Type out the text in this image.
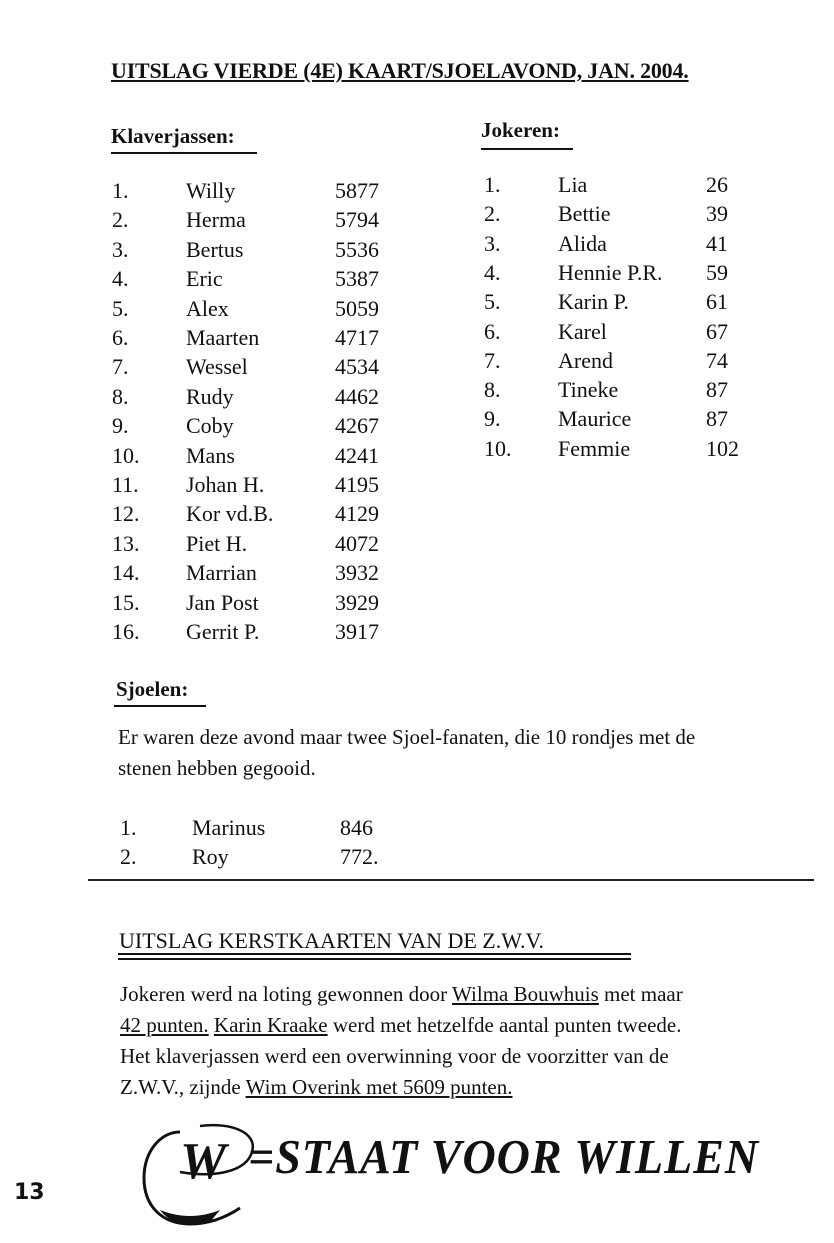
UITSLAG VIERDE (4E) KAART/SJOELAVOND, JAN. 2004.
Klaverjassen:
1.	Willy	5877
2.	Herma	5794
3.	Bertus	5536
4.	Eric	5387
5.	Alex	5059
6.	Maarten	4717
7.	Wessel	4534
8.	Rudy	4462
9.	Coby	4267
10. Mans	4241
11. Johan H.	4195
12. Kor vd.B.	4129
13. Piet H.	4072
14. Marrian	3932
15. Jan Post	3929
16. Gerrit P.	3917
Jokeren:
1.	Lia	26
2.	Bettie	39
3.	Alida	41
4.	Hennie P.R. 59
5.	Karin P.	61
6.	Karel	67
7.	Arend	74
8.	Tineke	87
9.	Maurice	87
10. Femmie	102
Sjoelen:
Er waren deze avond maar twee Sjoel-fanaten, die 10 rondjes met de
stenen hebben gegooid.
1.	Marinus	846
2.	Roy	772.
UITSLAG KERSTKAARTEN VAN DE Z.W.V.
Jokeren werd na loting gewonnen door Wilma Bouwhuis met maar
42 punten. Karin Kraake werd met hetzelfde aantal punten tweede.
Het klaverjassen werd een overwinning voor de voorzitter van de
Z.W.V., zijnde Wim Overink met 5609 punten.
13
W =STAAT VOOR WILLEN
